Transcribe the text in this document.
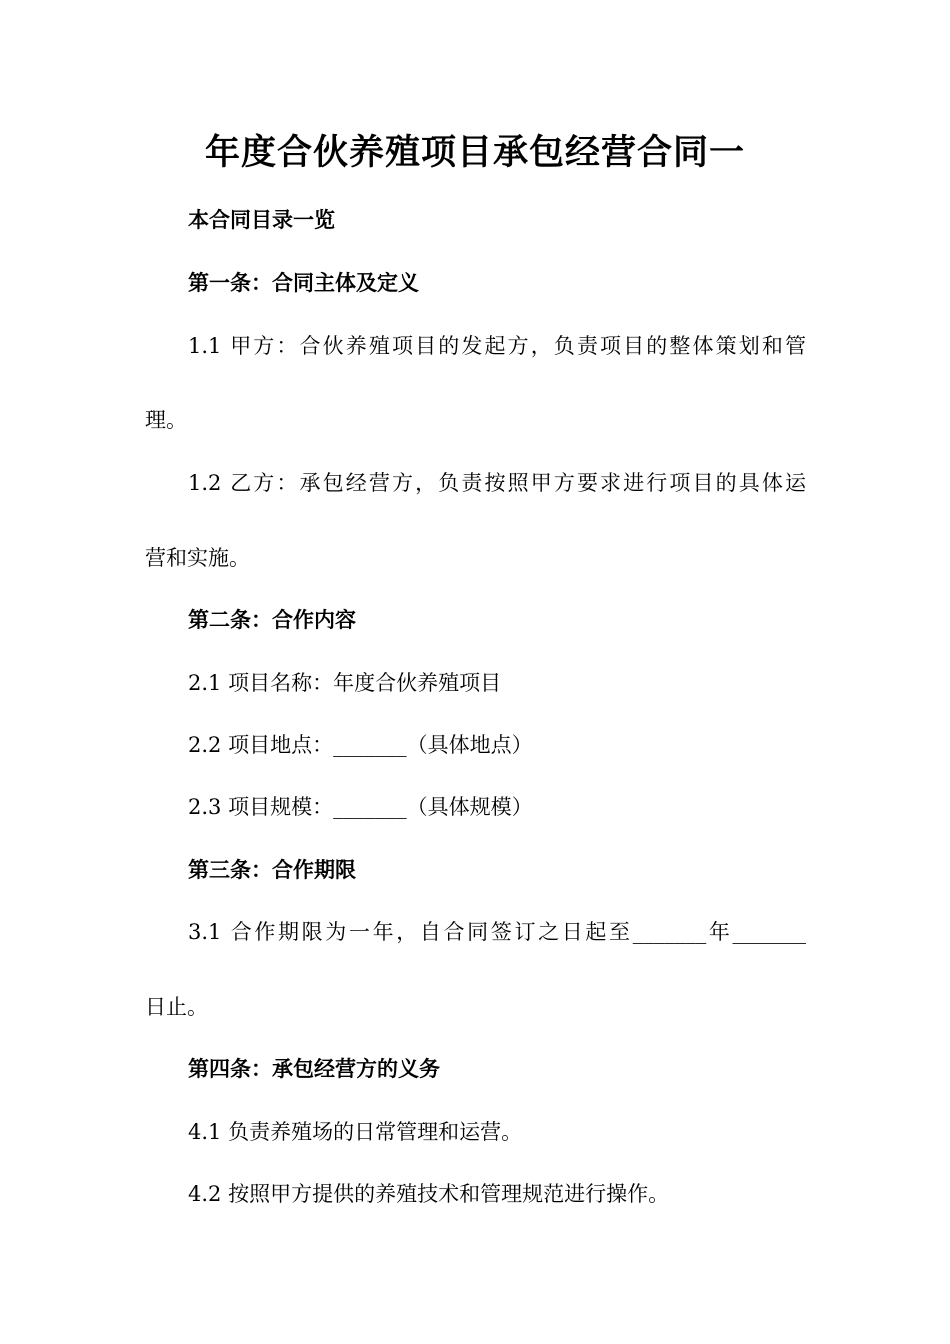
年度合伙养殖项目承包经营合同一
本合同目录一览
第一条：合同主体及定义
1.1 甲方：合伙养殖项目的发起方，负责项目的整体策划和管
理。
1.2 乙方：承包经营方，负责按照甲方要求进行项目的具体运
营和实施。
第二条：合作内容
2.1 项目名称：年度合伙养殖项目
2.2 项目地点：_______（具体地点）
2.3 项目规模：_______（具体规模）
第三条：合作期限
3.1 合作期限为一年，自合同签订之日起至_______年_______
日止。
第四条：承包经营方的义务
4.1 负责养殖场的日常管理和运营。
4.2 按照甲方提供的养殖技术和管理规范进行操作。
